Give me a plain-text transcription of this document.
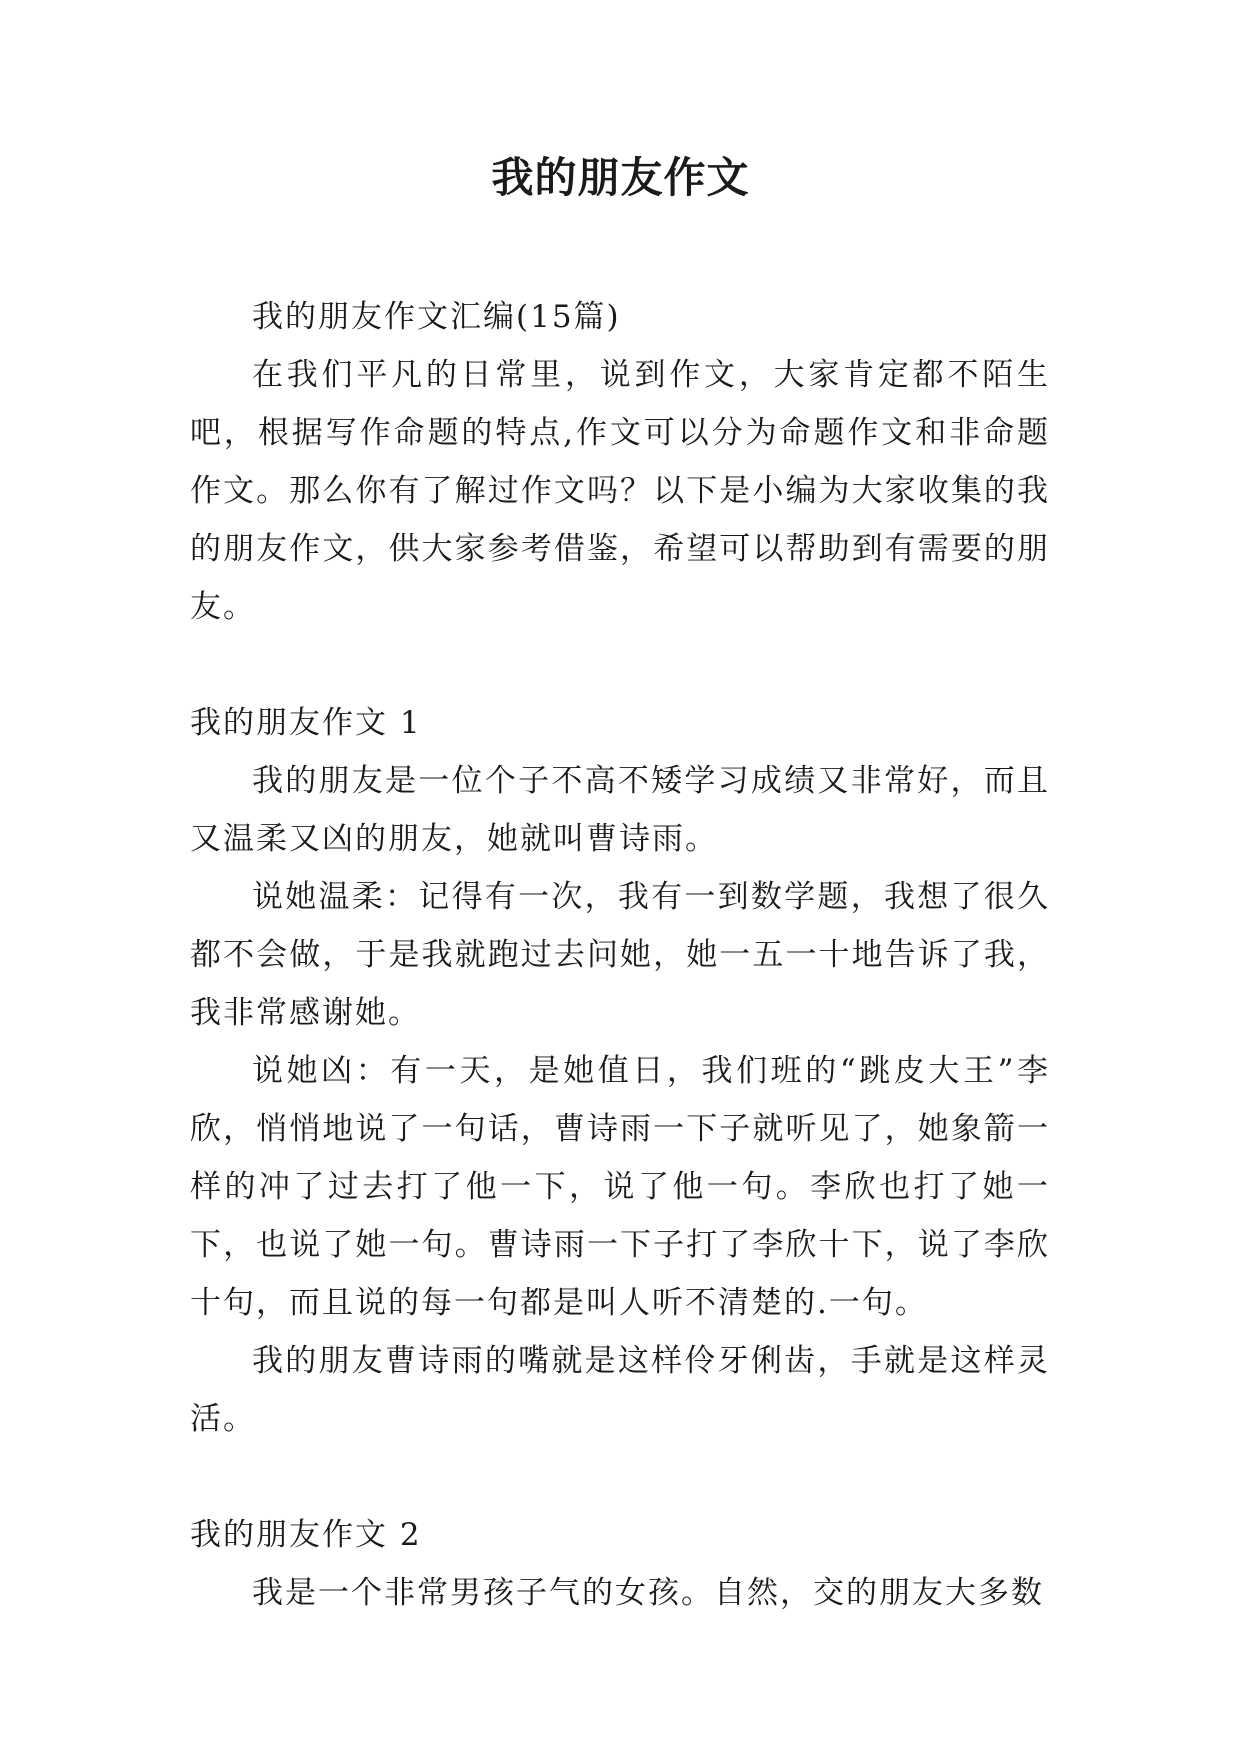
我的朋友作文

我的朋友作文汇编(15篇)

在我们平凡的日常里，说到作文，大家肯定都不陌生吧，根据写作命题的特点,作文可以分为命题作文和非命题作文。那么你有了解过作文吗？以下是小编为大家收集的我的朋友作文，供大家参考借鉴，希望可以帮助到有需要的朋友。

我的朋友作文 1

我的朋友是一位个子不高不矮学习成绩又非常好，而且又温柔又凶的朋友，她就叫曹诗雨。

说她温柔：记得有一次，我有一到数学题，我想了很久都不会做，于是我就跑过去问她，她一五一十地告诉了我，我非常感谢她。

说她凶：有一天，是她值日，我们班的“跳皮大王”李欣，悄悄地说了一句话，曹诗雨一下子就听见了，她象箭一样的冲了过去打了他一下，说了他一句。李欣也打了她一下，也说了她一句。曹诗雨一下子打了李欣十下，说了李欣十句，而且说的每一句都是叫人听不清楚的.一句。

我的朋友曹诗雨的嘴就是这样伶牙俐齿，手就是这样灵活。

我的朋友作文 2

我是一个非常男孩子气的女孩。自然，交的朋友大多数
